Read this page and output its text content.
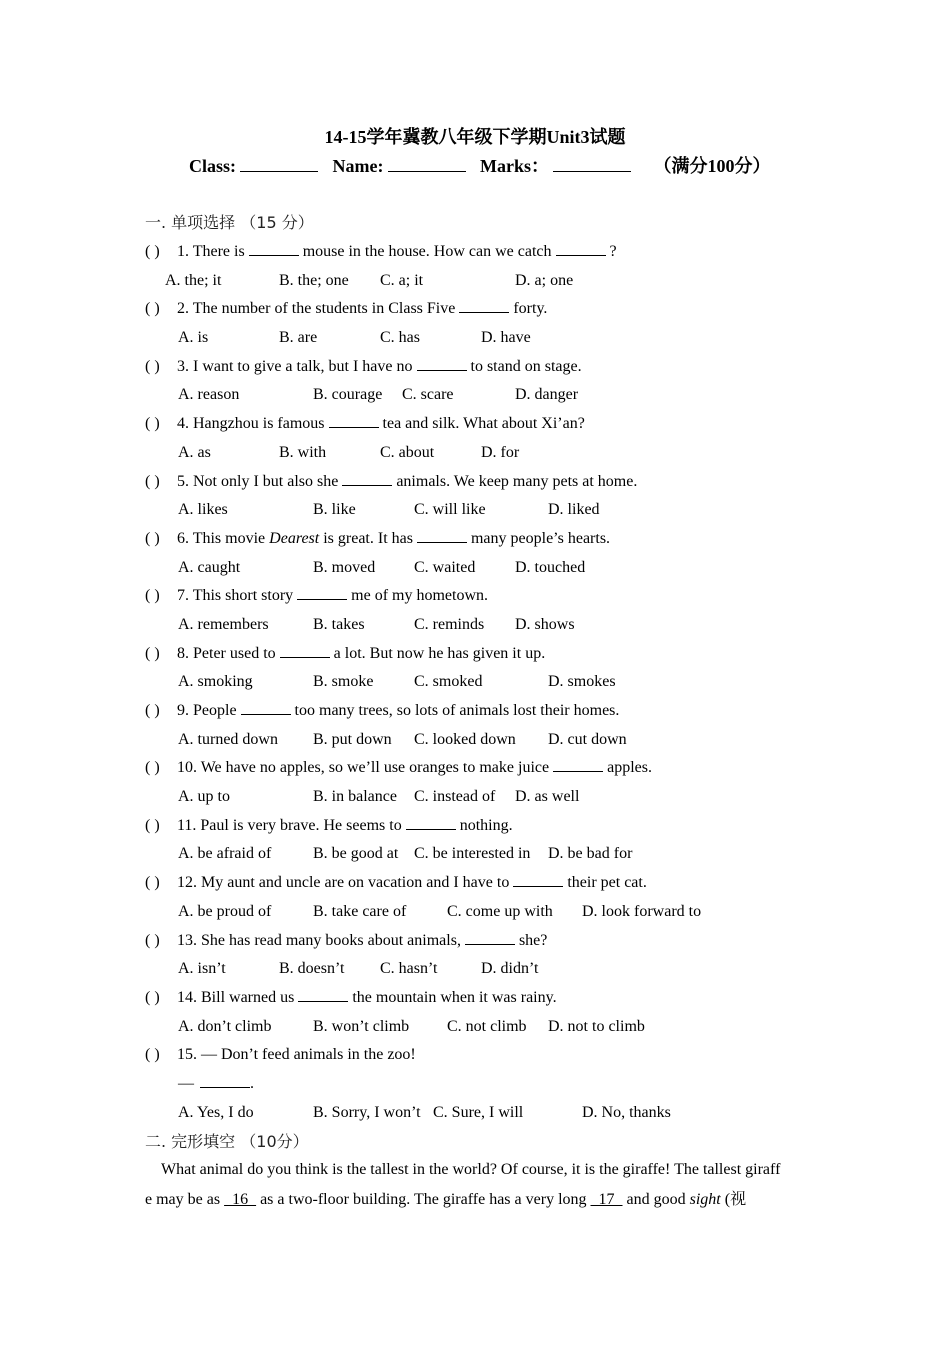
14-15学年冀教八年级下学期Unit3试题
Class:	Name:	Marks：	（满分100分）
一. 单项选择 （15 分）
( ) 1. There is	mouse in the house. How can we catch	?
A. the; it	B. the; one C. a; it	D. a; one
( ) 2. The number of the students in Class Five	forty.
A. is	B. are	C. has	D. have
( ) 3. I want to give a talk, but I have no	to stand on stage.
A. reason	B. courage C. scare	D. danger
( ) 4. Hangzhou is famous	tea and silk. What about Xi’an?
A. as	B. with	C. about	D. for
( ) 5. Not only I but also she	animals. We keep many pets at home.
A. likes	B. like	C. will like	D. liked
( ) 6. This movie Dearest is great. It has	many people’s hearts.
A. caught	B. moved C. waited D. touched
( ) 7. This short story	me of my hometown.
A. remembers	B. takes	C. reminds D. shows
( ) 8. Peter used to	a lot. But now he has given it up.
A. smoking	B. smoke	C. smoked	D. smokes
( ) 9. People	too many trees, so lots of animals lost their homes.
A. turned down B. put down C. looked down D. cut down
( ) 10. We have no apples, so we’ll use oranges to make juice	apples.
A. up to	B. in balance C. instead of D. as well
( ) 11. Paul is very brave. He seems to	nothing.
A. be afraid of	B. be good at C. be interested in D. be bad for
( ) 12. My aunt and uncle are on vacation and I have to	their pet cat.
A. be proud of	B. take care of	C. come up with D. look forward to
( ) 13. She has read many books about animals,	she?
A. isn’t	B. doesn’t C. hasn’t	D. didn’t
( ) 14. Bill warned us	the mountain when it was rainy.
A. don’t climb	B. won’t climb C. not climb D. not to climb
( ) 15. — Don’t feed animals in the zoo!
—	.
A. Yes, I do	B. Sorry, I won’t C. Sure, I will	D. No, thanks
二. 完形填空 （10分）

What animal do you think is the tallest in the world? Of course, it is the giraffe! The tallest giraff

e may be as   16   as a two-floor building. The giraffe has a very long   17   and good sight (视
